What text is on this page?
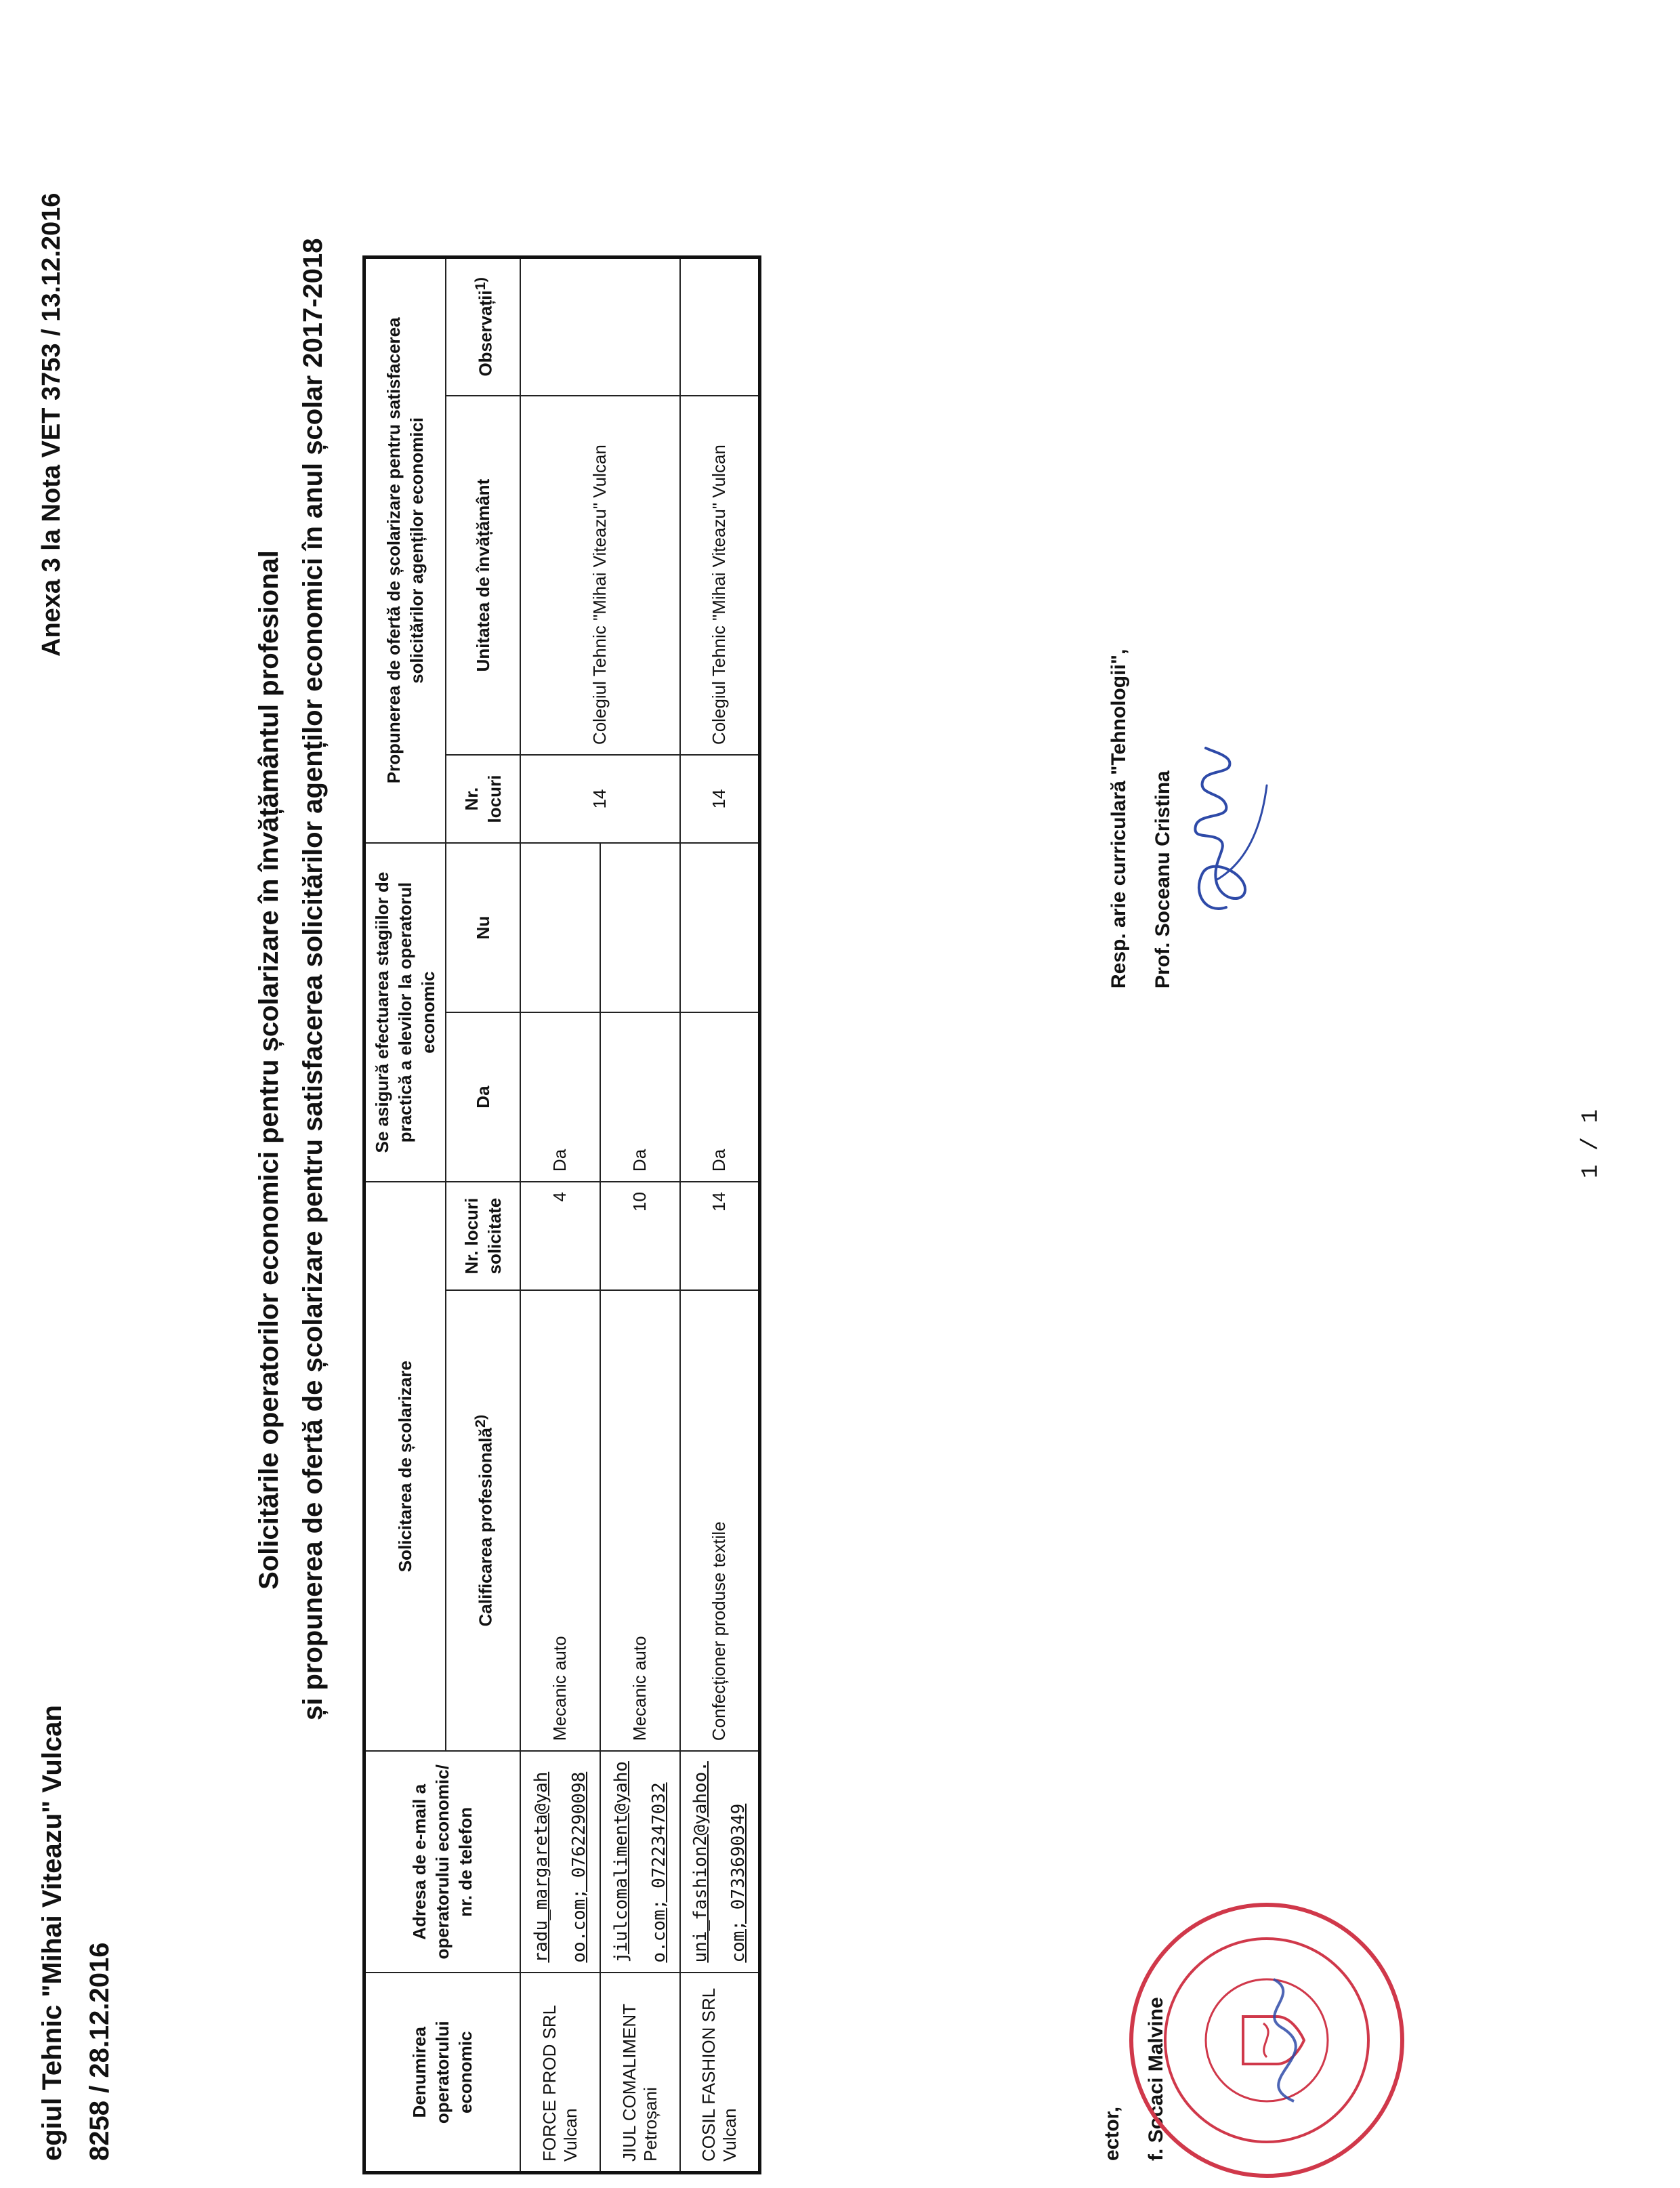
Anexa 3 la Nota VET 3753 / 13.12.2016
egiul Tehnic "Mihai Viteazu" Vulcan 8258 / 28.12.2016
Solicitările operatorilor economici pentru școlarizare în învățământul profesional și propunerea de ofertă de școlarizare pentru satisfacerea solicitărilor agenților economici în anul școlar 2017-2018
Denumirea operatorului economic	Adresa de e-mail a operatorului economic/ nr. de telefon	Solicitarea de școlarizare		Se asigură efectuarea stagiilor de practică a elevilor la operatorul economic		Propunerea de ofertă de școlarizare pentru satisfacerea solicitărilor agenților economici		
		Calificarea profesională$^{2)}$	Nr. locuri solicitate	Da	Nu	Nr. locuri	Unitatea de învățământ	Observații$^{1)}$
FORCE PROD SRL Vulcan	radu_margareta@yah oo.com; 0762290098	Mecanic auto	4	Da		14	Colegiul Tehnic "Mihai Viteazu" Vulcan	
JIUL COMALIMENT Petroșani	jiulcomaliment@yaho o.com; 0722347032	Mecanic auto	10	Da				
COSIL FASHION SRL Vulcan	uni_fashion2@yahoo. com; 0733690349	Confecționer produse textile	14	Da		14	Colegiul Tehnic "Mihai Viteazu" Vulcan	
Resp. arie curriculară "Tehnologii", Prof. Soceanu Cristina
ector, f. Socaci Malvine
1 / 1
